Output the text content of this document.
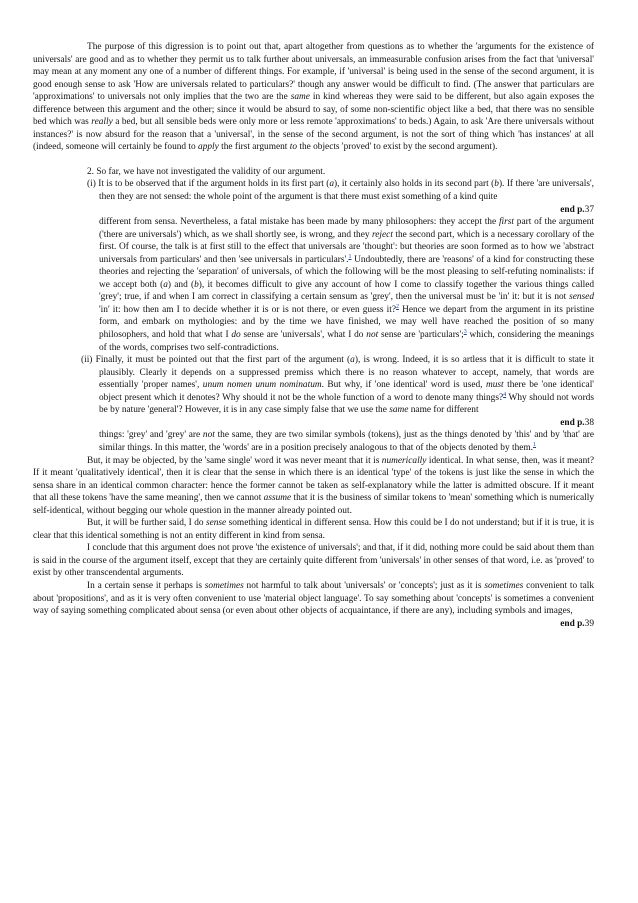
The purpose of this digression is to point out that, apart altogether from questions as to whether the 'arguments for the existence of universals' are good and as to whether they permit us to talk further about universals, an immeasurable confusion arises from the fact that 'universal' may mean at any moment any one of a number of different things. For example, if 'universal' is being used in the sense of the second argument, it is good enough sense to ask 'How are universals related to particulars?' though any answer would be difficult to find. (The answer that particulars are 'approximations' to universals not only implies that the two are the same in kind whereas they were said to be different, but also again exposes the difference between this argument and the other; since it would be absurd to say, of some non-scientific object like a bed, that there was no sensible bed which was really a bed, but all sensible beds were only more or less remote 'approximations' to beds.) Again, to ask 'Are there universals without instances?' is now absurd for the reason that a 'universal', in the sense of the second argument, is not the sort of thing which 'has instances' at all (indeed, someone will certainly be found to apply the first argument to the objects 'proved' to exist by the second argument).

2. So far, we have not investigated the validity of our argument.

(i) It is to be observed that if the argument holds in its first part (a), it certainly also holds in its second part (b). If there 'are universals', then they are not sensed: the whole point of the argument is that there must exist something of a kind quite

end p.37

different from sensa. Nevertheless, a fatal mistake has been made by many philosophers: they accept the first part of the argument ('there are universals') which, as we shall shortly see, is wrong, and they reject the second part, which is a necessary corollary of the first. Of course, the talk is at first still to the effect that universals are 'thought': but theories are soon formed as to how we 'abstract universals from particulars' and then 'see universals in particulars'.$^1$ Undoubtedly, there are 'reasons' of a kind for constructing these theories and rejecting the 'separation' of universals, of which the following will be the most pleasing to self-refuting nominalists: if we accept both (a) and (b), it becomes difficult to give any account of how I come to classify together the various things called 'grey'; true, if and when I am correct in classifying a certain sensum as 'grey', then the universal must be 'in' it: but it is not sensed 'in' it: how then am I to decide whether it is or is not there, or even guess it?$^2$ Hence we depart from the argument in its pristine form, and embark on mythologies: and by the time we have finished, we may well have reached the position of so many philosophers, and hold that what I do sense are 'universals', what I do not sense are 'particulars';$^3$ which, considering the meanings of the words, comprises two self-contradictions.

(ii) Finally, it must be pointed out that the first part of the argument (a), is wrong. Indeed, it is so artless that it is difficult to state it plausibly. Clearly it depends on a suppressed premiss which there is no reason whatever to accept, namely, that words are essentially 'proper names', unum nomen unum nominatum. But why, if 'one identical' word is used, must there be 'one identical' object present which it denotes? Why should it not be the whole function of a word to denote many things?$^4$ Why should not words be by nature 'general'? However, it is in any case simply false that we use the same name for different

end p.38

things: 'grey' and 'grey' are not the same, they are two similar symbols (tokens), just as the things denoted by 'this' and by 'that' are similar things. In this matter, the 'words' are in a position precisely analogous to that of the objects denoted by them.$^1$

But, it may be objected, by the 'same single' word it was never meant that it is numerically identical. In what sense, then, was it meant? If it meant 'qualitatively identical', then it is clear that the sense in which there is an identical 'type' of the tokens is just like the sense in which the sensa share in an identical common character: hence the former cannot be taken as self-explanatory while the latter is admitted obscure. If it meant that all these tokens 'have the same meaning', then we cannot assume that it is the business of similar tokens to 'mean' something which is numerically self-identical, without begging our whole question in the manner already pointed out.

But, it will be further said, I do sense something identical in different sensa. How this could be I do not understand; but if it is true, it is clear that this identical something is not an entity different in kind from sensa.

I conclude that this argument does not prove 'the existence of universals'; and that, if it did, nothing more could be said about them than is said in the course of the argument itself, except that they are certainly quite different from 'universals' in other senses of that word, i.e. as 'proved' to exist by other transcendental arguments.

In a certain sense it perhaps is sometimes not harmful to talk about 'universals' or 'concepts'; just as it is sometimes convenient to talk about 'propositions', and as it is very often convenient to use 'material object language'. To say something about 'concepts' is sometimes a convenient way of saying something complicated about sensa (or even about other objects of acquaintance, if there are any), including symbols and images,

end p.39
